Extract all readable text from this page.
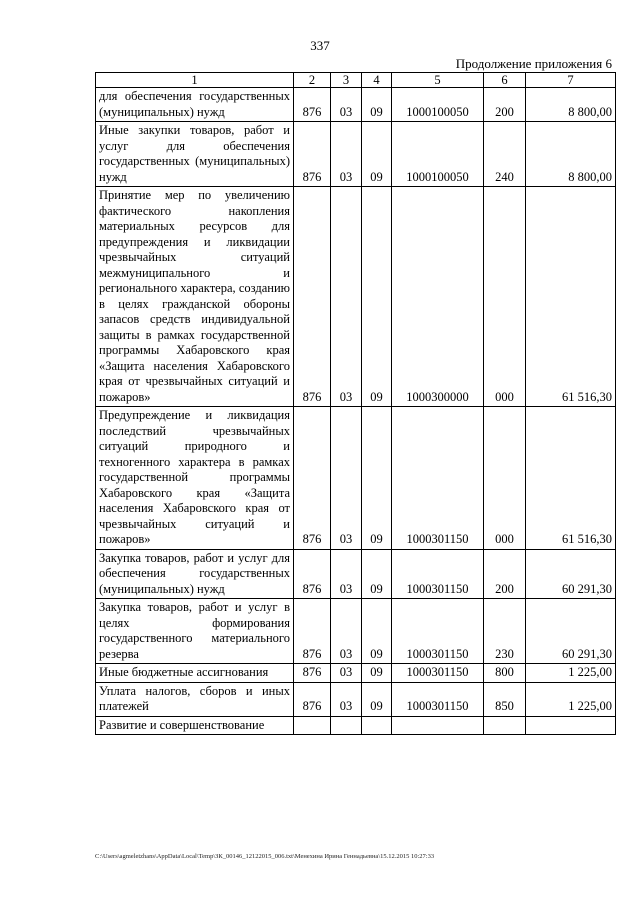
337
Продолжение приложения 6
1	2	3	4	5	6	7
для обеспечения государственных (муниципальных) нужд	876	03	09	1000100050	200	8 800,00
Иные закупки товаров, работ и услуг для обеспечения государственных (муниципальных) нужд	876	03	09	1000100050	240	8 800,00
Принятие мер по увеличению фактического накопления материальных ресурсов для предупреждения и ликвидации чрезвычайных ситуаций межмуниципального и регионального характера, созданию в целях гражданской обороны запасов средств индивидуальной защиты в рамках государственной программы Хабаровского края «Защита населения Хабаровского края от чрезвычайных ситуаций и пожаров»	876	03	09	1000300000	000	61 516,30
Предупреждение и ликвидация последствий чрезвычайных ситуаций природного и техногенного характера в рамках государственной программы Хабаровского края «Защита населения Хабаровского края от чрезвычайных ситуаций и пожаров»	876	03	09	1000301150	000	61 516,30
Закупка товаров, работ и услуг для обеспечения государственных (муниципальных) нужд	876	03	09	1000301150	200	60 291,30
Закупка товаров, работ и услуг в целях формирования государственного материального резерва	876	03	09	1000301150	230	60 291,30
Иные бюджетные ассигнования	876	03	09	1000301150	800	1 225,00
Уплата налогов, сборов и иных платежей	876	03	09	1000301150	850	1 225,00
Развитие и совершенствование						
C:\Users\agmeletzhans\AppData\Local\Temp\ЗК_00146_12122015_006.txt\Менехина Ирина Геннадьевна\15.12.2015 10:27:33
